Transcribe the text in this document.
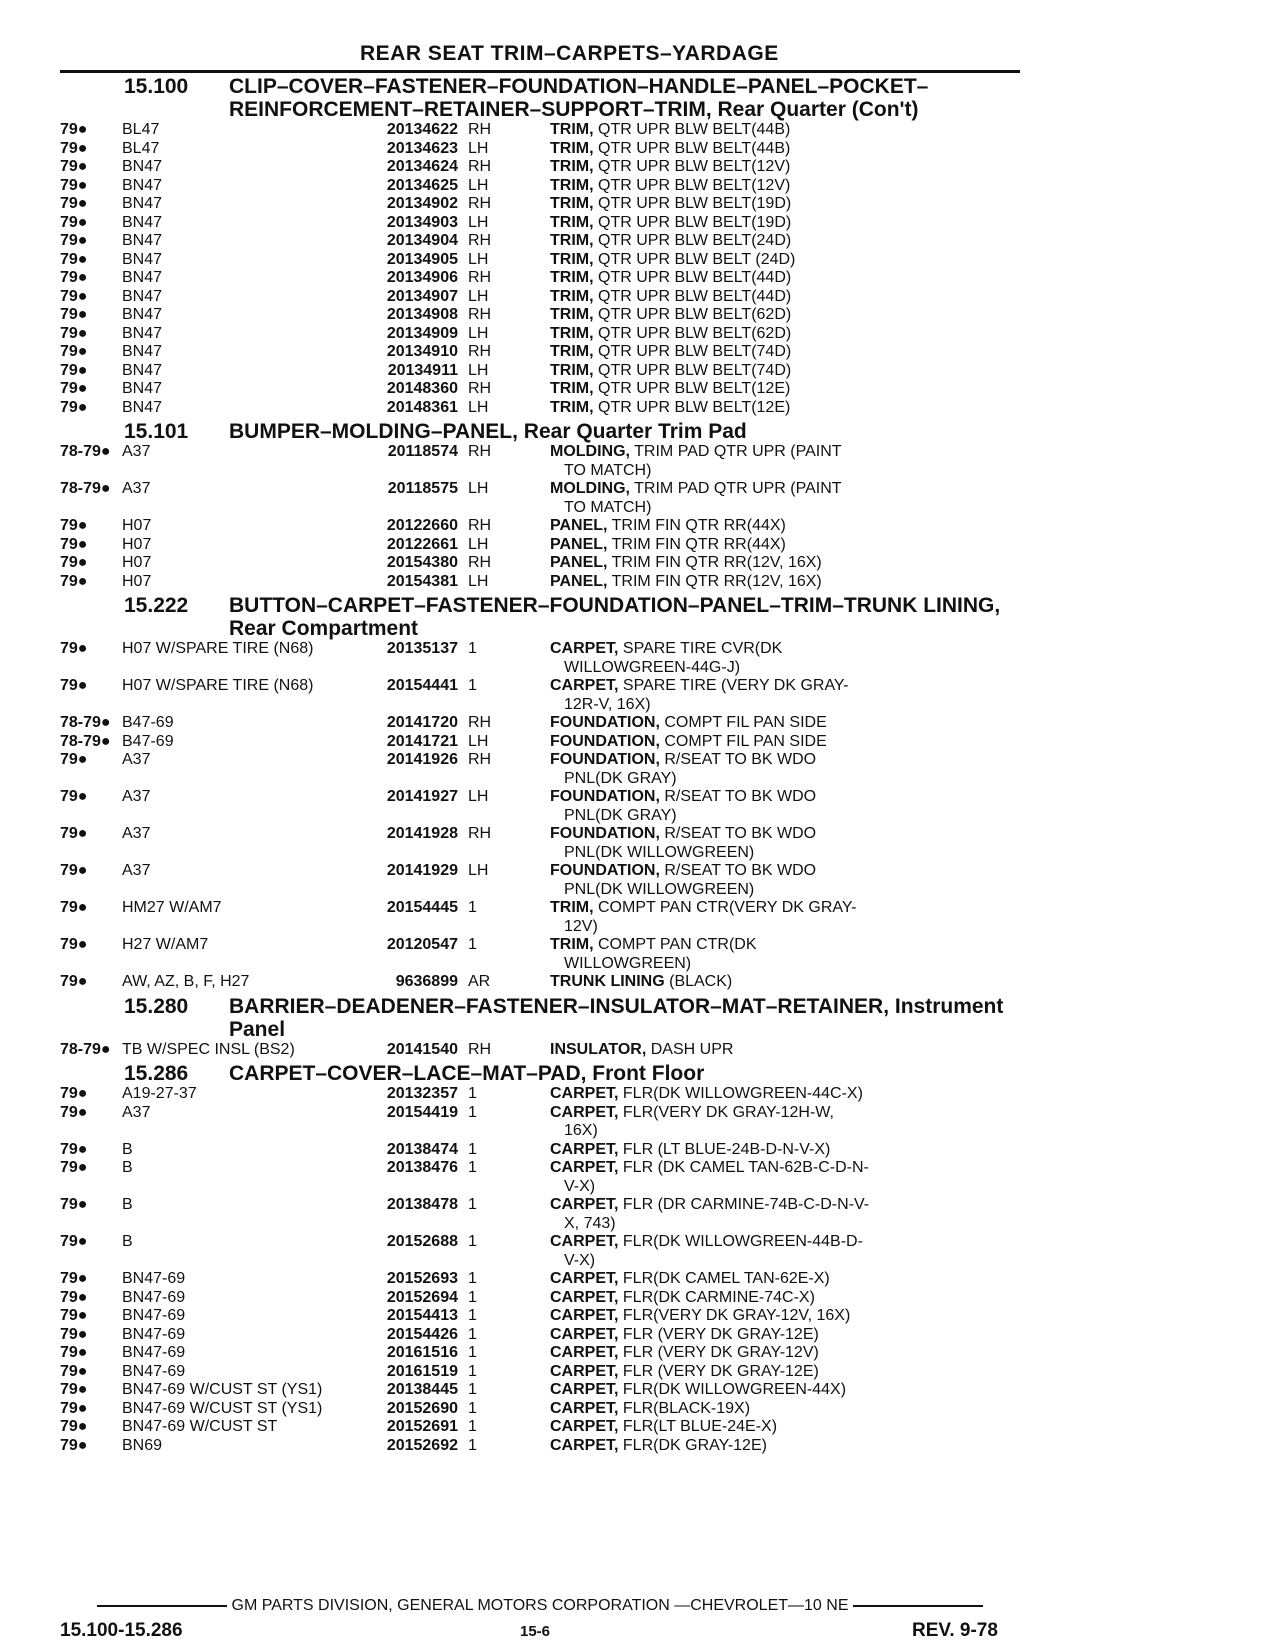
REAR SEAT TRIM–CARPETS–YARDAGE
15.100	CLIP–COVER–FASTENER–FOUNDATION–HANDLE–PANEL–POCKET–REINFORCEMENT–RETAINER–SUPPORT–TRIM, Rear Quarter (Con't)
79●	BL47	20134622 RH	TRIM, QTR UPR BLW BELT(44B)
79●	BL47	20134623 LH	TRIM, QTR UPR BLW BELT(44B)
79●	BN47	20134624 RH	TRIM, QTR UPR BLW BELT(12V)
79●	BN47	20134625 LH	TRIM, QTR UPR BLW BELT(12V)
79●	BN47	20134902 RH	TRIM, QTR UPR BLW BELT(19D)
79●	BN47	20134903 LH	TRIM, QTR UPR BLW BELT(19D)
79●	BN47	20134904 RH	TRIM, QTR UPR BLW BELT(24D)
79●	BN47	20134905 LH	TRIM, QTR UPR BLW BELT (24D)
79●	BN47	20134906 RH	TRIM, QTR UPR BLW BELT(44D)
79●	BN47	20134907 LH	TRIM, QTR UPR BLW BELT(44D)
79●	BN47	20134908 RH	TRIM, QTR UPR BLW BELT(62D)
79●	BN47	20134909 LH	TRIM, QTR UPR BLW BELT(62D)
79●	BN47	20134910 RH	TRIM, QTR UPR BLW BELT(74D)
79●	BN47	20134911 LH	TRIM, QTR UPR BLW BELT(74D)
79●	BN47	20148360 RH	TRIM, QTR UPR BLW BELT(12E)
79●	BN47	20148361 LH	TRIM, QTR UPR BLW BELT(12E)
15.101	BUMPER–MOLDING–PANEL, Rear Quarter Trim Pad
78-79● A37	20118574 RH	MOLDING, TRIM PAD QTR UPR (PAINT
TO MATCH)
78-79● A37	20118575 LH	MOLDING, TRIM PAD QTR UPR (PAINT
TO MATCH)
79●	H07	20122660 RH	PANEL, TRIM FIN QTR RR(44X)
79●	H07	20122661 LH	PANEL, TRIM FIN QTR RR(44X)
79●	H07	20154380 RH	PANEL, TRIM FIN QTR RR(12V, 16X)
79●	H07	20154381 LH	PANEL, TRIM FIN QTR RR(12V, 16X)
15.222	BUTTON–CARPET–FASTENER–FOUNDATION–PANEL–TRIM–TRUNK LINING, Rear Compartment
79●	H07 W/SPARE TIRE (N68)	20135137 1	CARPET, SPARE TIRE CVR(DK
WILLOWGREEN-44G-J)
79●	H07 W/SPARE TIRE (N68)	20154441 1	CARPET, SPARE TIRE (VERY DK GRAY-
12R-V, 16X)
78-79● B47-69	20141720 RH	FOUNDATION, COMPT FIL PAN SIDE
78-79● B47-69	20141721 LH	FOUNDATION, COMPT FIL PAN SIDE
79●	A37	20141926 RH	FOUNDATION, R/SEAT TO BK WDO
PNL(DK GRAY)
79●	A37	20141927 LH	FOUNDATION, R/SEAT TO BK WDO
PNL(DK GRAY)
79●	A37	20141928 RH	FOUNDATION, R/SEAT TO BK WDO
PNL(DK WILLOWGREEN)
79●	A37	20141929 LH	FOUNDATION, R/SEAT TO BK WDO
PNL(DK WILLOWGREEN)
79●	HM27 W/AM7	20154445 1	TRIM, COMPT PAN CTR(VERY DK GRAY-
12V)
79●	H27 W/AM7	20120547 1	TRIM, COMPT PAN CTR(DK
WILLOWGREEN)
79●	AW, AZ, B, F, H27	9636899 AR	TRUNK LINING (BLACK)
15.280	BARRIER–DEADENER–FASTENER–INSULATOR–MAT–RETAINER, Instrument Panel
78-79● TB W/SPEC INSL (BS2)	20141540 RH	INSULATOR, DASH UPR
15.286	CARPET–COVER–LACE–MAT–PAD, Front Floor
79●	A19-27-37	20132357 1	CARPET, FLR(DK WILLOWGREEN-44C-X)
79●	A37	20154419 1	CARPET, FLR(VERY DK GRAY-12H-W,
16X)
79●	B	20138474 1	CARPET, FLR (LT BLUE-24B-D-N-V-X)
79●	B	20138476 1	CARPET, FLR (DK CAMEL TAN-62B-C-D-N-
V-X)
79●	B	20138478 1	CARPET, FLR (DR CARMINE-74B-C-D-N-V-
X, 743)
79●	B	20152688 1	CARPET, FLR(DK WILLOWGREEN-44B-D-
V-X)
79●	BN47-69	20152693 1	CARPET, FLR(DK CAMEL TAN-62E-X)
79●	BN47-69	20152694 1	CARPET, FLR(DK CARMINE-74C-X)
79●	BN47-69	20154413 1	CARPET, FLR(VERY DK GRAY-12V, 16X)
79●	BN47-69	20154426 1	CARPET, FLR (VERY DK GRAY-12E)
79●	BN47-69	20161516 1	CARPET, FLR (VERY DK GRAY-12V)
79●	BN47-69	20161519 1	CARPET, FLR (VERY DK GRAY-12E)
79●	BN47-69 W/CUST ST (YS1)	20138445 1	CARPET, FLR(DK WILLOWGREEN-44X)
79●	BN47-69 W/CUST ST (YS1)	20152690 1	CARPET, FLR(BLACK-19X)
79●	BN47-69 W/CUST ST	20152691 1	CARPET, FLR(LT BLUE-24E-X)
79●	BN69	20152692 1	CARPET, FLR(DK GRAY-12E)
GM PARTS DIVISION, GENERAL MOTORS CORPORATION —CHEVROLET—10 NE
15.100-15.286	15-6	REV. 9-78
